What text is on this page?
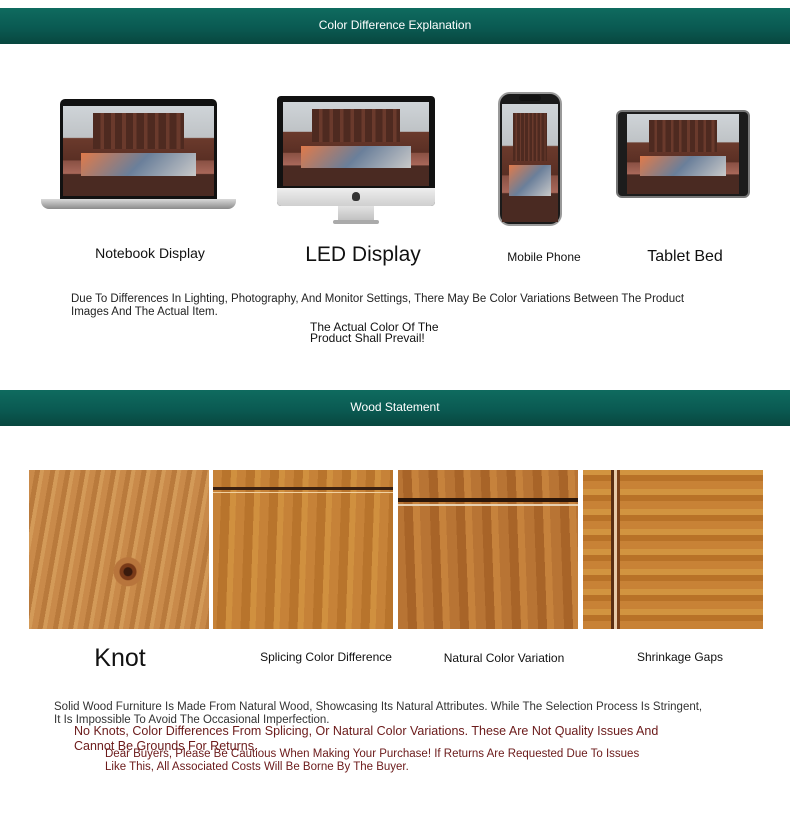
Color Difference Explanation
Notebook Display	LED Display	Mobile Phone	Tablet Bed
Due To Differences In Lighting, Photography, And Monitor Settings, There May Be Color Variations Between The Product
Images And The Actual Item.
The Actual Color Of The
Product Shall Prevail!
Wood Statement
Knot	Splicing Color Difference	Natural Color Variation	Shrinkage Gaps
Solid Wood Furniture Is Made From Natural Wood, Showcasing Its Natural Attributes. While The Selection Process Is Stringent,
It Is Impossible To Avoid The Occasional Imperfection.
No Knots, Color Differences From Splicing, Or Natural Color Variations. These Are Not Quality Issues And
Cannot Be Grounds For Returns.
Dear Buyers, Please Be Cautious When Making Your Purchase! If Returns Are Requested Due To Issues
Like This, All Associated Costs Will Be Borne By The Buyer.
